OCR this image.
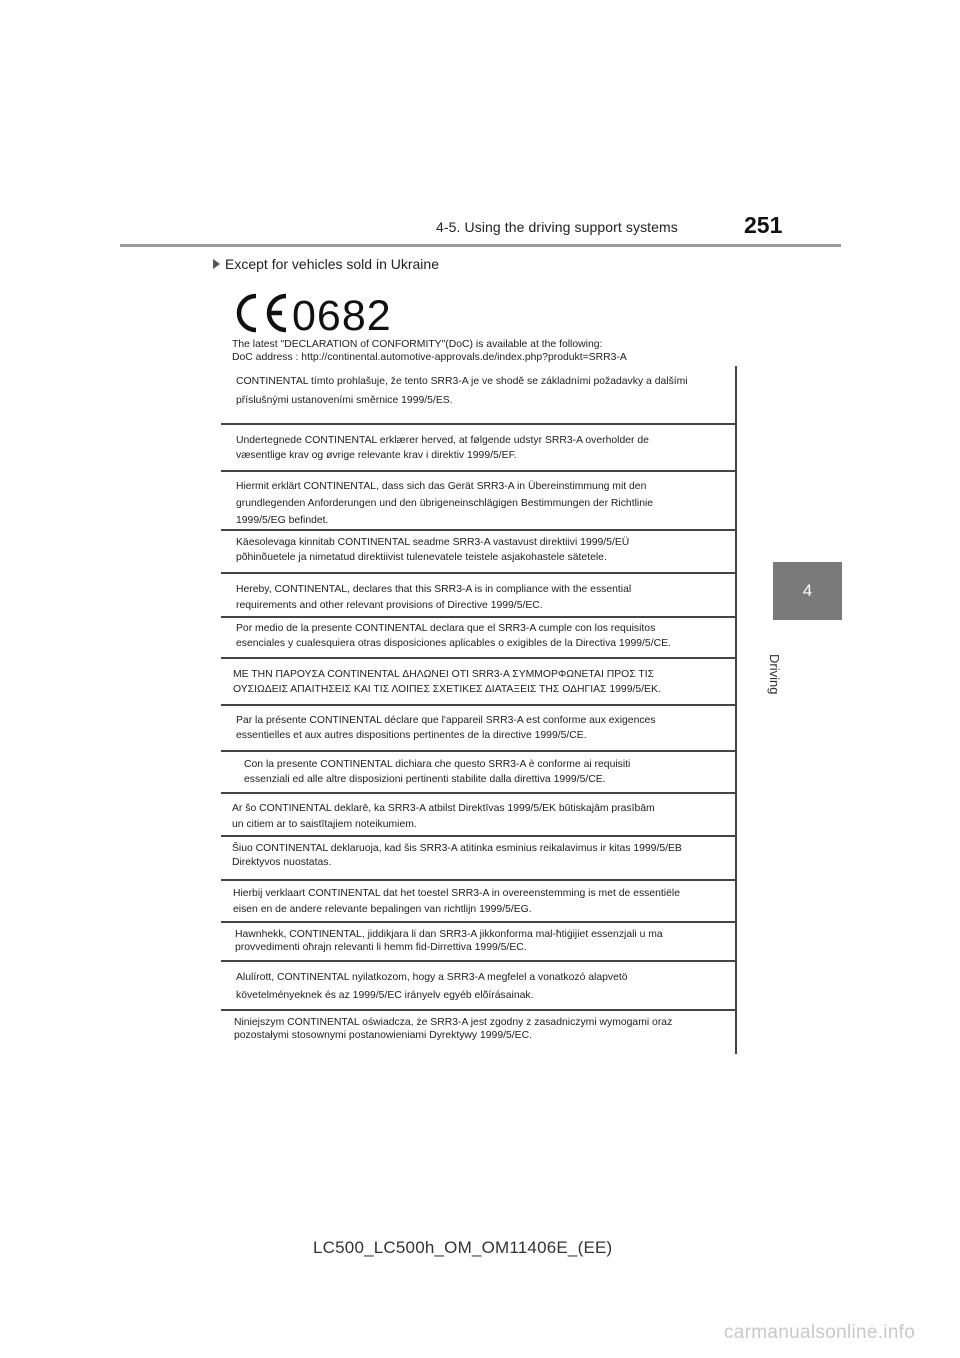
4-5. Using the driving support systems	251
4
Driving
Except for vehicles sold in Ukraine
0682
The latest "DECLARATION of CONFORMITY"(DoC) is available at the following:
DoC address : http://continental.automotive-approvals.de/index.php?produkt=SRR3-A
CONTINENTAL tímto prohlašuje, že tento SRR3-A je ve shodě se základními požadavky a dalšími
příslušnými ustanoveními směrnice 1999/5/ES.
Undertegnede CONTINENTAL erklærer herved, at følgende udstyr SRR3-A overholder de
væsentlige krav og øvrige relevante krav i direktiv 1999/5/EF.
Hiermit erklärt CONTINENTAL, dass sich das Gerät SRR3-A in Übereinstimmung mit den
grundlegenden Anforderungen und den übrigeneinschlägigen Bestimmungen der Richtlinie
1999/5/EG befindet.
Käesolevaga kinnitab CONTINENTAL seadme SRR3-A vastavust direktiivi 1999/5/EÜ
põhinõuetele ja nimetatud direktiivist tulenevatele teistele asjakohastele sätetele.
Hereby, CONTINENTAL, declares that this SRR3-A is in compliance with the essential
requirements and other relevant provisions of Directive 1999/5/EC.
Por medio de la presente CONTINENTAL declara que el SRR3-A cumple con los requisitos
esenciales y cualesquiera otras disposiciones aplicables o exigibles de la Directiva 1999/5/CE.
ΜΕ ΤΗΝ ΠΑΡΟΥΣΑ CONTINENTAL ΔΗΛΩΝΕΙ ΟΤΙ SRR3-A ΣΥΜΜΟΡΦΩΝΕΤΑΙ ΠΡΟΣ ΤΙΣ
ΟΥΣΙΩΔΕΙΣ ΑΠΑΙΤΗΣΕΙΣ ΚΑΙ ΤΙΣ ΛΟΙΠΕΣ ΣΧΕΤΙΚΕΣ ΔΙΑΤΑΞΕΙΣ ΤΗΣ ΟΔΗΓΙΑΣ 1999/5/ΕΚ.
Par la présente CONTINENTAL déclare que l'appareil SRR3-A est conforme aux exigences
essentielles et aux autres dispositions pertinentes de la directive 1999/5/CE.
Con la presente CONTINENTAL dichiara che questo SRR3-A è conforme ai requisiti
essenziali ed alle altre disposizioni pertinenti stabilite dalla direttiva 1999/5/CE.
Ar šo CONTINENTAL deklarē, ka SRR3-A atbilst Direktīvas 1999/5/EK būtiskajām prasībām
un citiem ar to saistītajiem noteikumiem.
Šiuo CONTINENTAL deklaruoja, kad šis SRR3-A atitinka esminius reikalavimus ir kitas 1999/5/EB
Direktyvos nuostatas.
Hierbij verklaart CONTINENTAL dat het toestel SRR3-A in overeenstemming is met de essentiële
eisen en de andere relevante bepalingen van richtlijn 1999/5/EG.
Hawnhekk, CONTINENTAL, jiddikjara li dan SRR3-A jikkonforma mal-ħtiġijiet essenzjali u ma
provvedimenti oħrajn relevanti li hemm fid-Dirrettiva 1999/5/EC.
Alulírott, CONTINENTAL nyilatkozom, hogy a SRR3-A megfelel a vonatkozó alapvetö
követelményeknek és az 1999/5/EC irányelv egyéb elõírásainak.
Niniejszym CONTINENTAL oświadcza, że SRR3-A jest zgodny z zasadniczymi wymogami oraz
pozostałymi stosownymi postanowieniami Dyrektywy 1999/5/EC.
LC500_LC500h_OM_OM11406E_(EE)
carmanualsonline.info
